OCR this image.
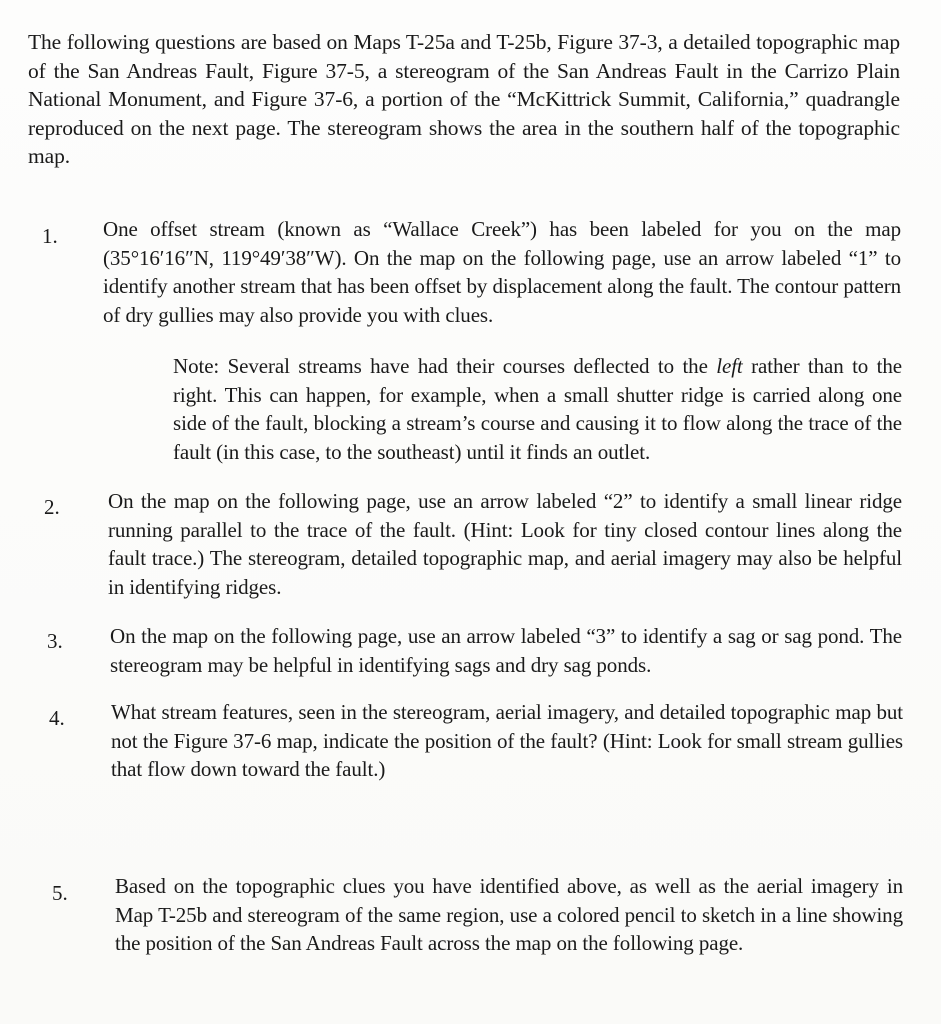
The following questions are based on Maps T-25a and T-25b, Figure 37-3, a detailed topographic map of the San Andreas Fault, Figure 37-5, a stereogram of the San Andreas Fault in the Carrizo Plain National Monument, and Figure 37-6, a portion of the “McKittrick Summit, California,” quadrangle reproduced on the next page. The stereogram shows the area in the southern half of the topographic map.
1.	One offset stream (known as “Wallace Creek”) has been labeled for you on the map (35°16′16″N, 119°49′38″W). On the map on the following page, use an arrow labeled “1” to identify another stream that has been offset by displacement along the fault. The contour pattern of dry gullies may also provide you with clues.
Note: Several streams have had their courses deflected to the left rather than to the right. This can happen, for example, when a small shutter ridge is carried along one side of the fault, blocking a stream’s course and causing it to flow along the trace of the fault (in this case, to the southeast) until it finds an outlet.
2.	On the map on the following page, use an arrow labeled “2” to identify a small linear ridge running parallel to the trace of the fault. (Hint: Look for tiny closed contour lines along the fault trace.) The stereogram, detailed topographic map, and aerial imagery may also be helpful in identifying ridges.
3.	On the map on the following page, use an arrow labeled “3” to identify a sag or sag pond. The stereogram may be helpful in identifying sags and dry sag ponds.
4.	What stream features, seen in the stereogram, aerial imagery, and detailed topographic map but not the Figure 37-6 map, indicate the position of the fault? (Hint: Look for small stream gullies that flow down toward the fault.)
5.	Based on the topographic clues you have identified above, as well as the aerial imagery in Map T-25b and stereogram of the same region, use a colored pencil to sketch in a line showing the position of the San Andreas Fault across the map on the following page.
